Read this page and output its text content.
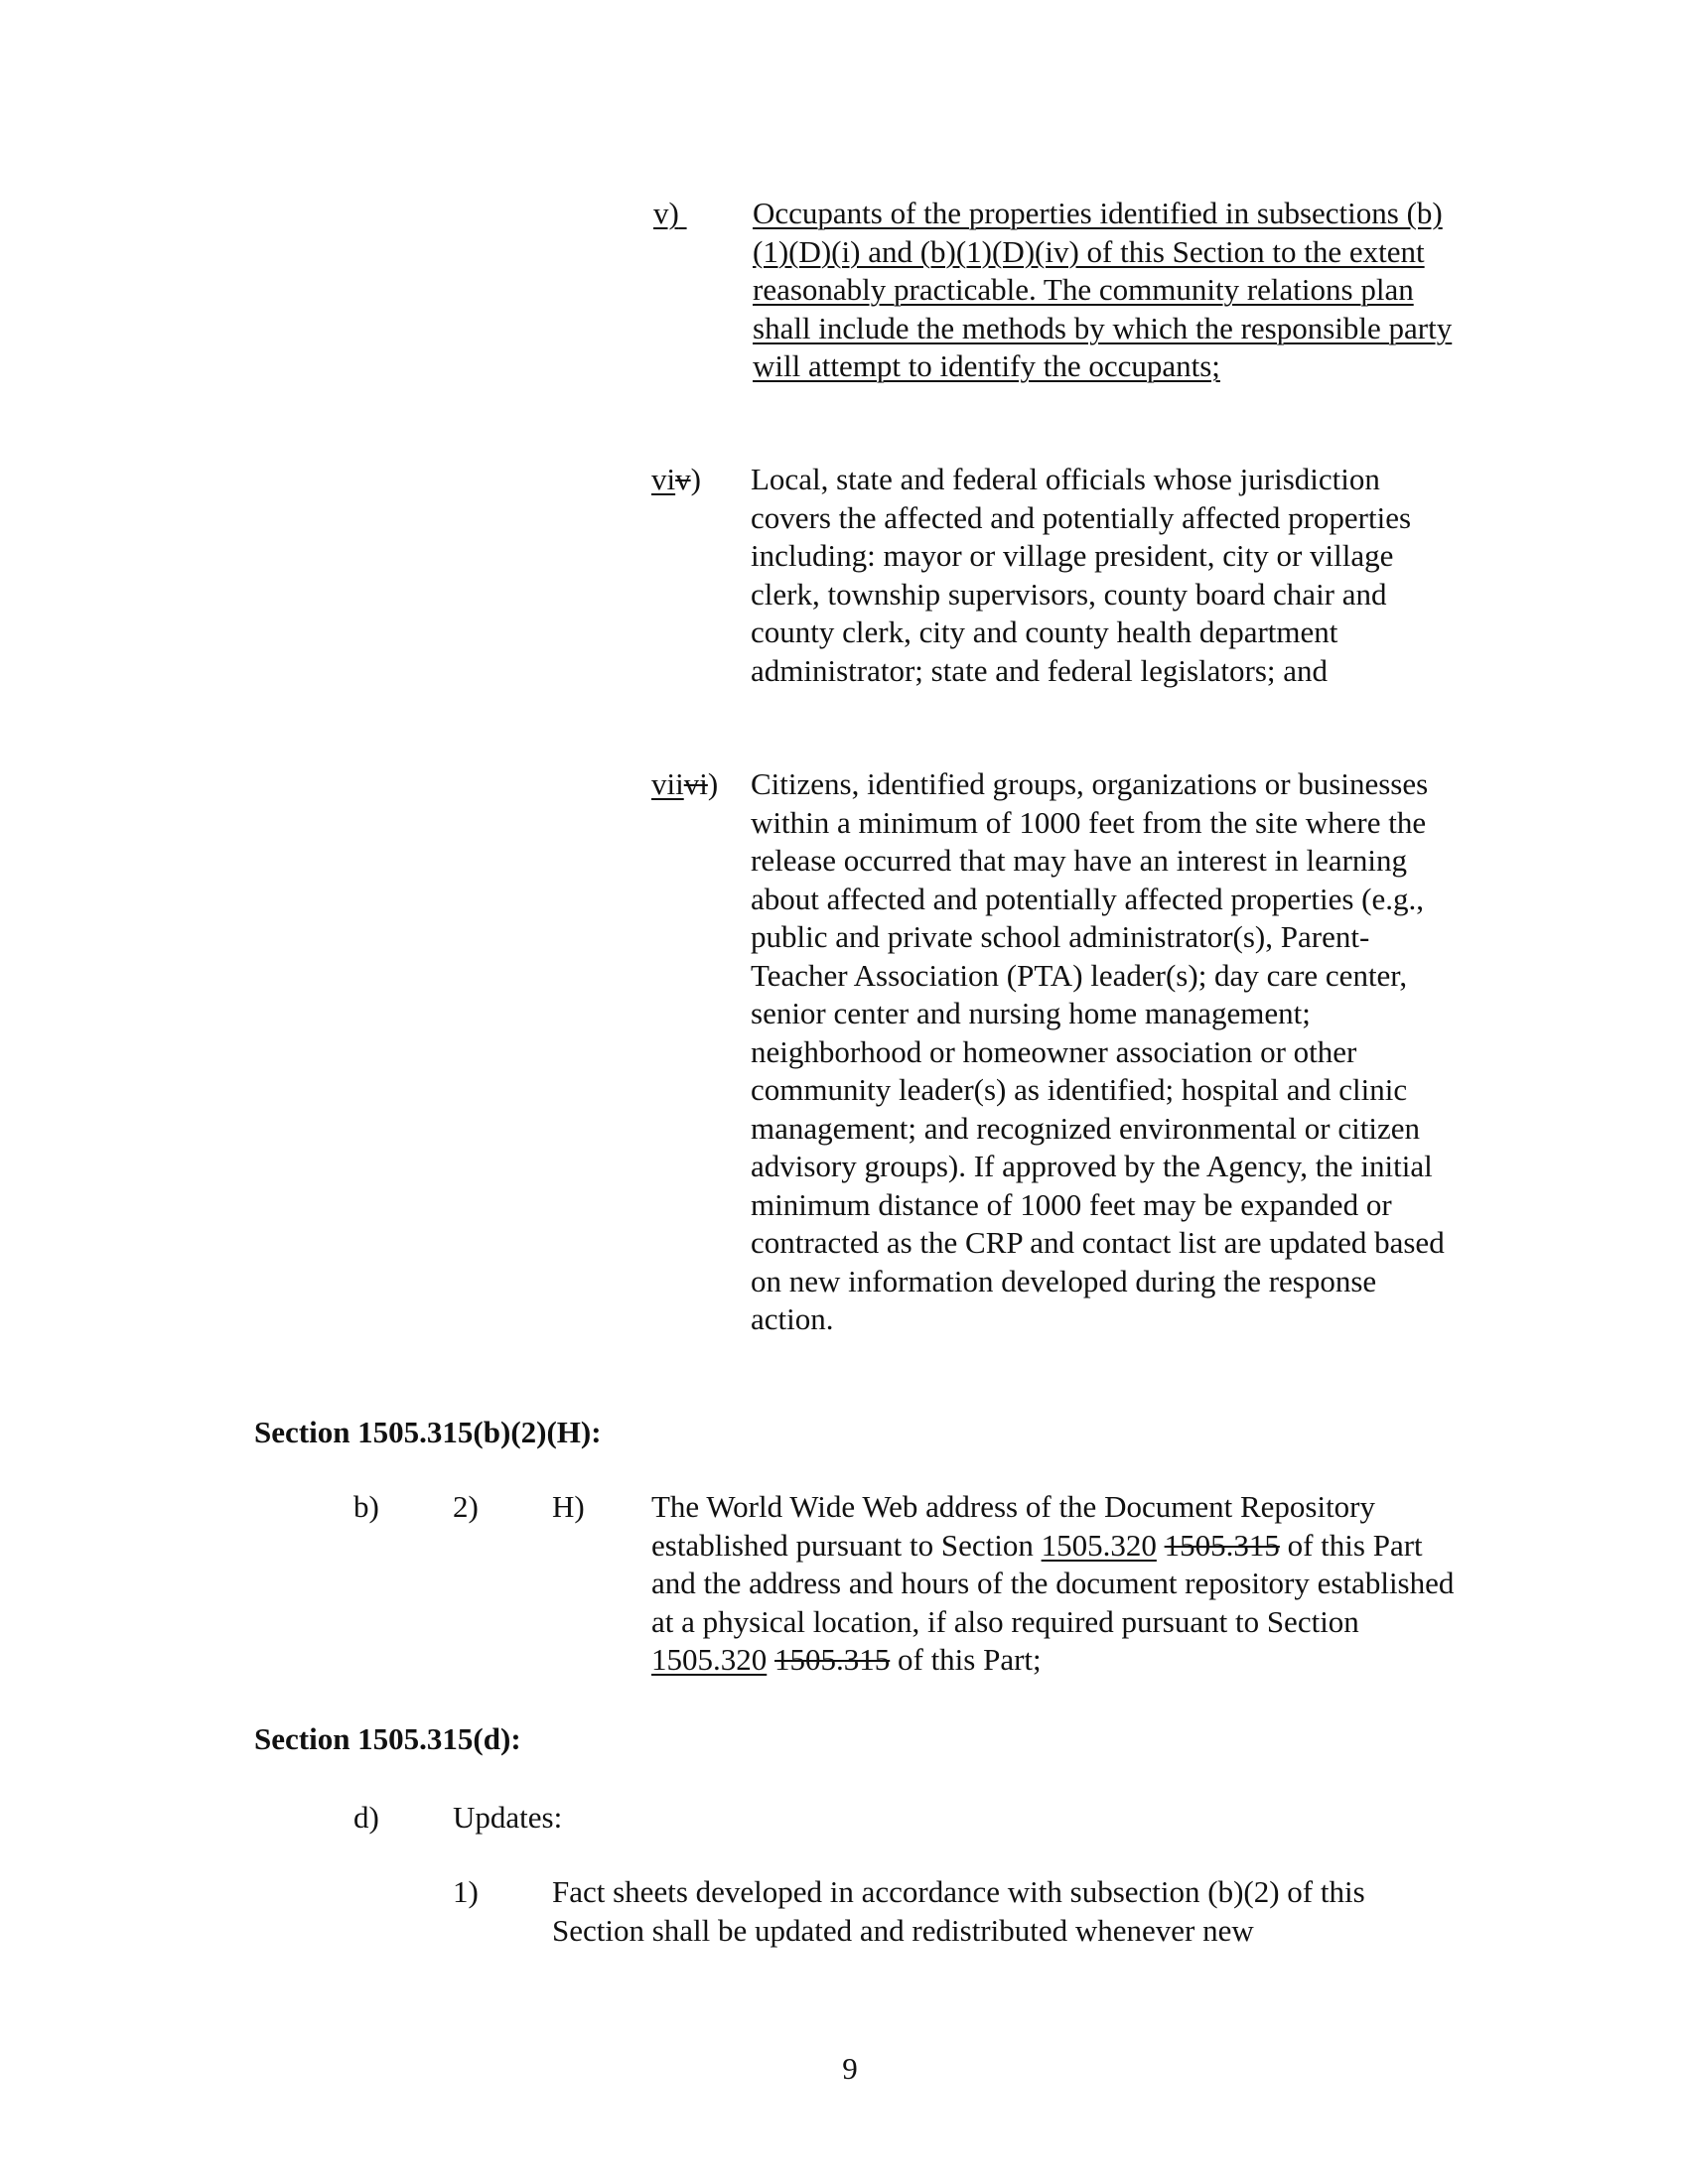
v)	Occupants of the properties identified in subsections (b)(1)(D)(i) and (b)(1)(D)(iv) of this Section to the extent reasonably practicable. The community relations plan shall include the methods by which the responsible party will attempt to identify the occupants;
viv) Local, state and federal officials whose jurisdiction covers the affected and potentially affected properties including: mayor or village president, city or village clerk, township supervisors, county board chair and county clerk, city and county health department administrator; state and federal legislators; and
viivi) Citizens, identified groups, organizations or businesses within a minimum of 1000 feet from the site where the release occurred that may have an interest in learning about affected and potentially affected properties (e.g., public and private school administrator(s), Parent-Teacher Association (PTA) leader(s); day care center, senior center and nursing home management; neighborhood or homeowner association or other community leader(s) as identified; hospital and clinic management; and recognized environmental or citizen advisory groups). If approved by the Agency, the initial minimum distance of 1000 feet may be expanded or contracted as the CRP and contact list are updated based on new information developed during the response action.
Section 1505.315(b)(2)(H):
b) 2) H) The World Wide Web address of the Document Repository established pursuant to Section 1505.320 1505.315 of this Part and the address and hours of the document repository established at a physical location, if also required pursuant to Section 1505.320 1505.315 of this Part;
Section 1505.315(d):
d) Updates:
1) Fact sheets developed in accordance with subsection (b)(2) of this Section shall be updated and redistributed whenever new
9
